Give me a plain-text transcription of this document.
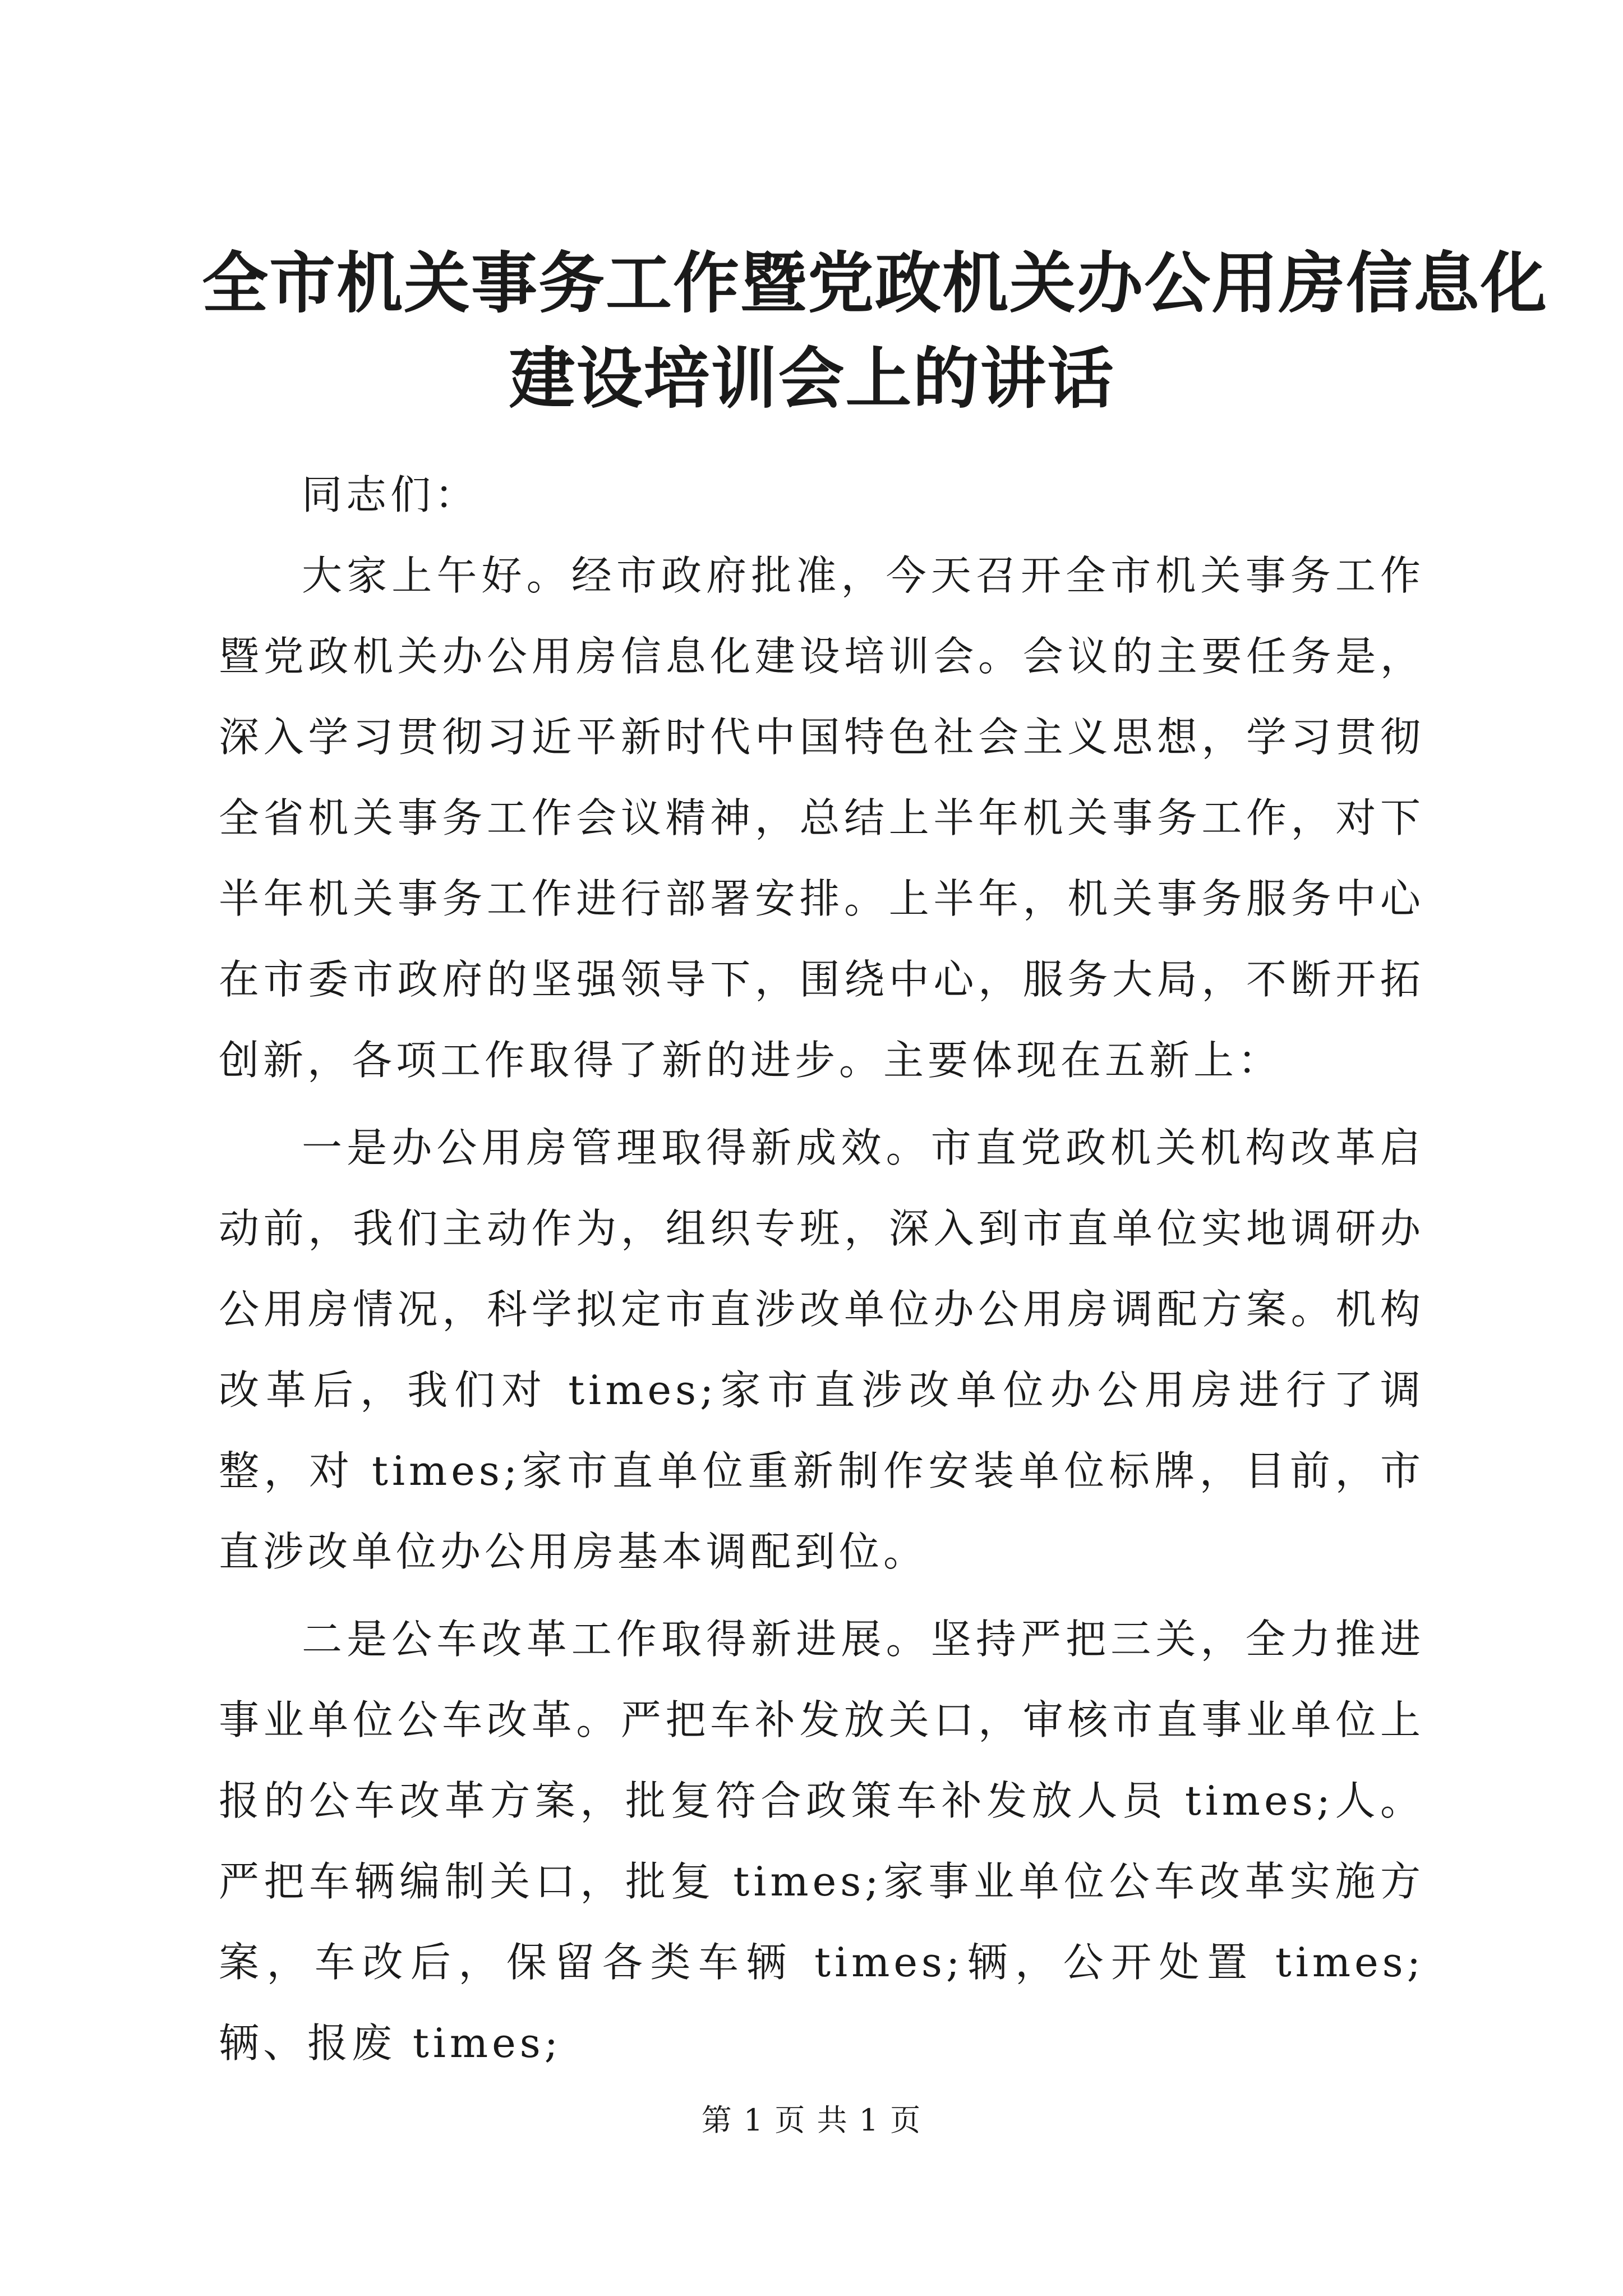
全市机关事务工作暨党政机关办公用房信息化
建设培训会上的讲话

同志们：

大家上午好。经市政府批准，今天召开全市机关事务工作暨党政机关办公用房信息化建设培训会。会议的主要任务是，深入学习贯彻习近平新时代中国特色社会主义思想，学习贯彻全省机关事务工作会议精神，总结上半年机关事务工作，对下半年机关事务工作进行部署安排。上半年，机关事务服务中心在市委市政府的坚强领导下，围绕中心，服务大局，不断开拓创新，各项工作取得了新的进步。主要体现在五新上：

一是办公用房管理取得新成效。市直党政机关机构改革启动前，我们主动作为，组织专班，深入到市直单位实地调研办公用房情况，科学拟定市直涉改单位办公用房调配方案。机构改革后，我们对 times;家市直涉改单位办公用房进行了调整，对 times;家市直单位重新制作安装单位标牌，目前，市直涉改单位办公用房基本调配到位。

二是公车改革工作取得新进展。坚持严把三关，全力推进事业单位公车改革。严把车补发放关口，审核市直事业单位上报的公车改革方案，批复符合政策车补发放人员 times;人。严把车辆编制关口，批复 times;家事业单位公车改革实施方案，车改后，保留各类车辆 times;辆，公开处置 times;辆、报废 times;

第 1 页 共 1 页
